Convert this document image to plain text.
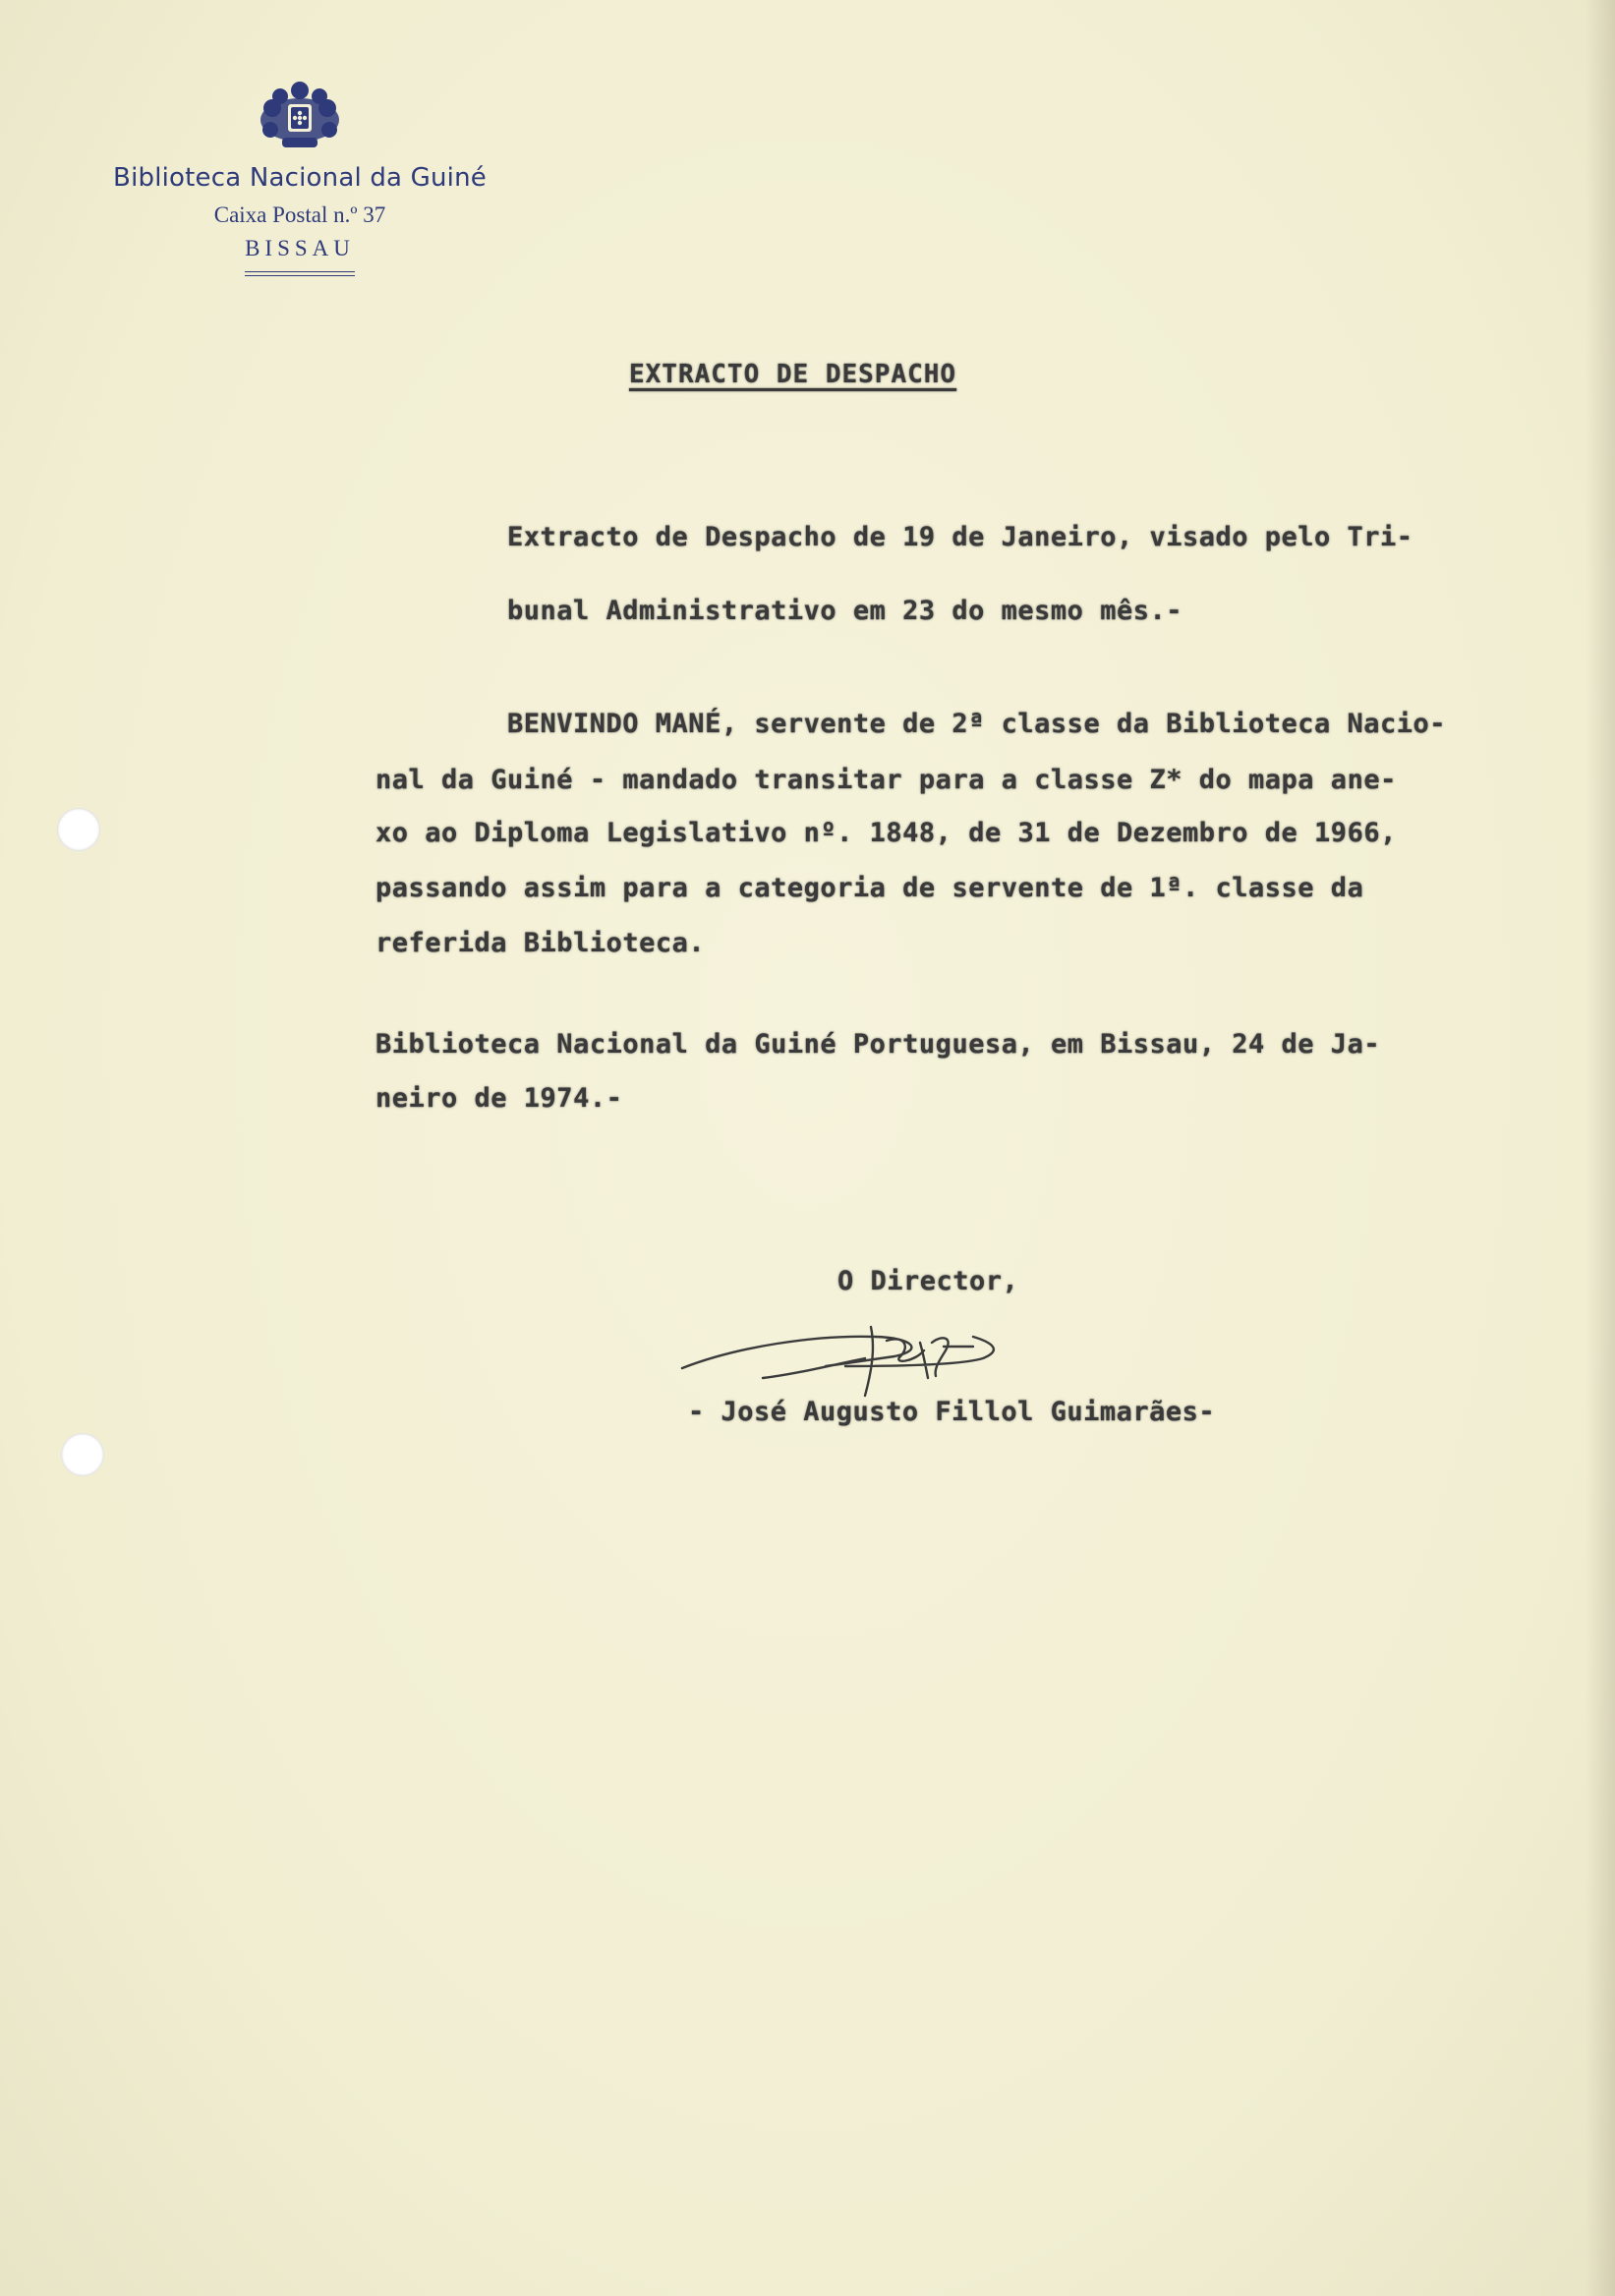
Biblioteca Nacional da Guiné
Caixa Postal n.º 37
BISSAU
EXTRACTO DE DESPACHO
Extracto de Despacho de 19 de Janeiro, visado pelo Tri-
bunal Administrativo em 23 do mesmo mês.-
BENVINDO MANÉ, servente de 2ª classe da Biblioteca Nacio-
nal da Guiné - mandado transitar para a classe Z* do mapa ane-
xo ao Diploma Legislativo nº. 1848, de 31 de Dezembro de 1966,
passando assim para a categoria de servente de 1ª. classe da
referida Biblioteca.
Biblioteca Nacional da Guiné Portuguesa, em Bissau, 24 de Ja-
neiro de 1974.-
O Director,
- José Augusto Fillol Guimarães-
